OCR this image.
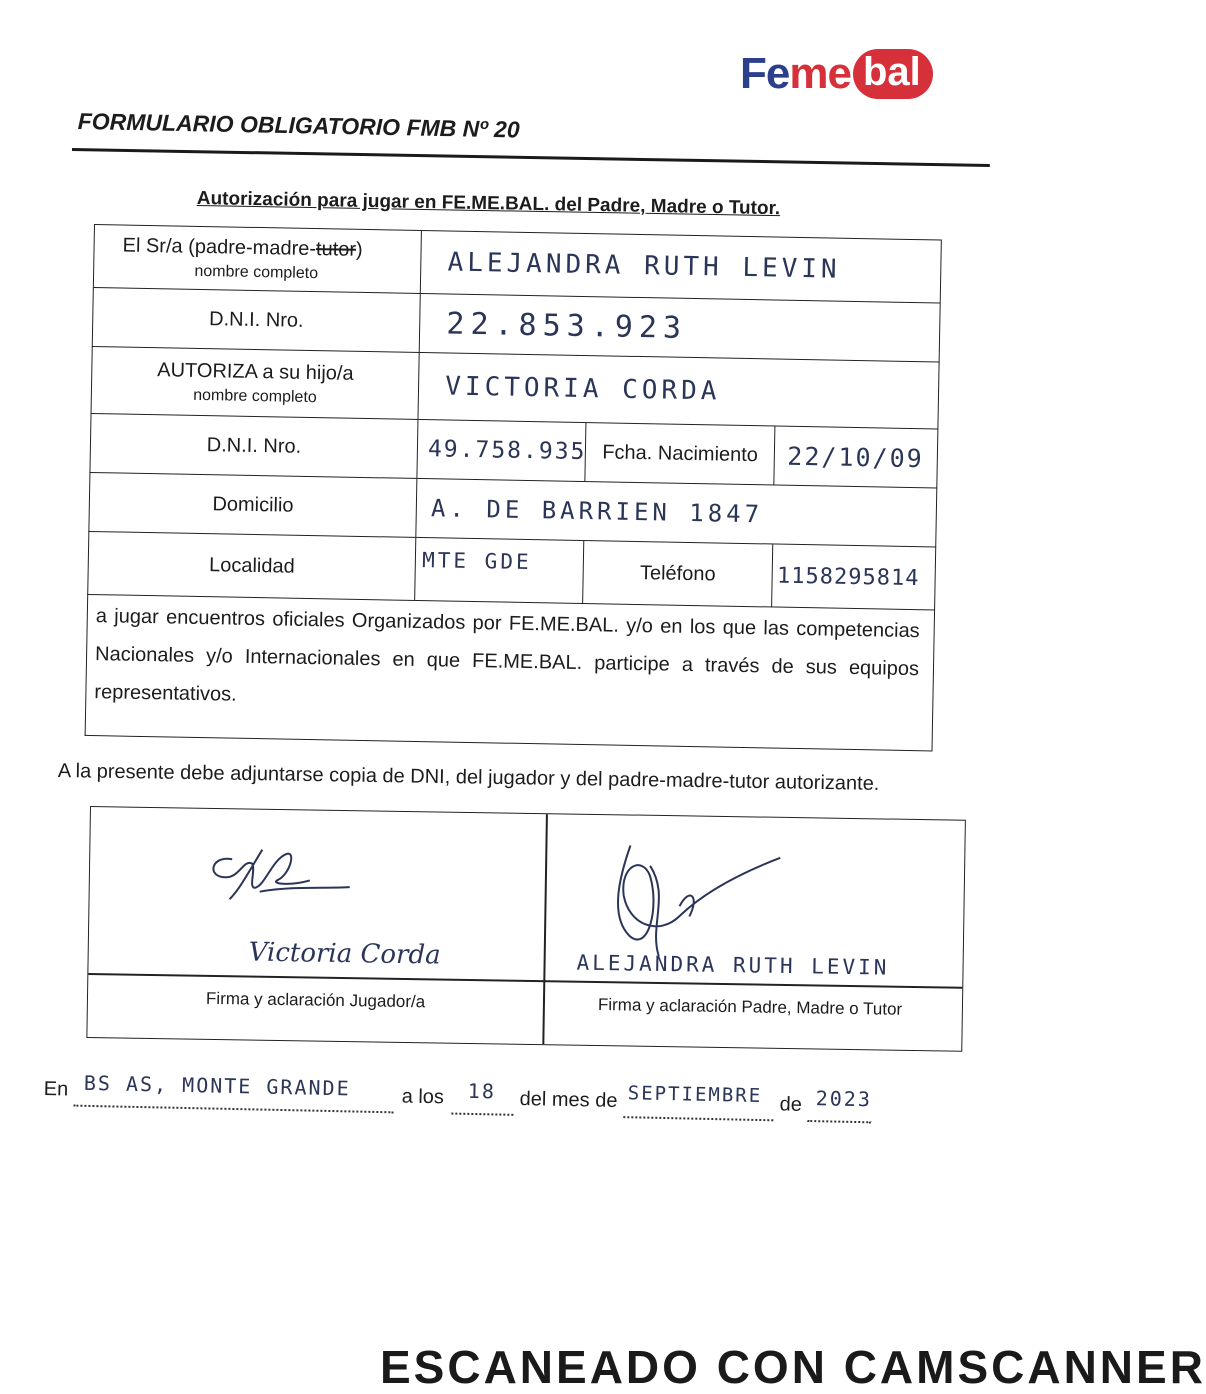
Fe me bal
FORMULARIO OBLIGATORIO FMB Nº 20
Autorización para jugar en FE.ME.BAL. del Padre, Madre o Tutor.
El Sr/a (padre-madre-tutor)
nombre completo	ALEJANDRA RUTH LEVIN
D.N.I. Nro.	22.853.923
AUTORIZA a su hijo/a
nombre completo	VICTORIA CORDA
D.N.I. Nro.	49.758.935 Fcha. Nacimiento	22/10/09
Domicilio	A. DE BARRIEN 1847
Localidad	MTE GDE	Teléfono	1158295814
a jugar encuentros oficiales Organizados por FE.ME.BAL. y/o en los que las competencias Nacionales y/o Internacionales en que FE.ME.BAL. participe a través de sus equipos representativos.
A la presente debe adjuntarse copia de DNI, del jugador y del padre-madre-tutor autorizante.
Victoria Corda	ALEJANDRA RUTH LEVIN
Firma y aclaración Jugador/a	Firma y aclaración Padre, Madre o Tutor
En BS AS, MONTE GRANDE	a los 18 del mes de SEPTIEMBRE de 2023
ESCANEADO CON CAMSCANNER
